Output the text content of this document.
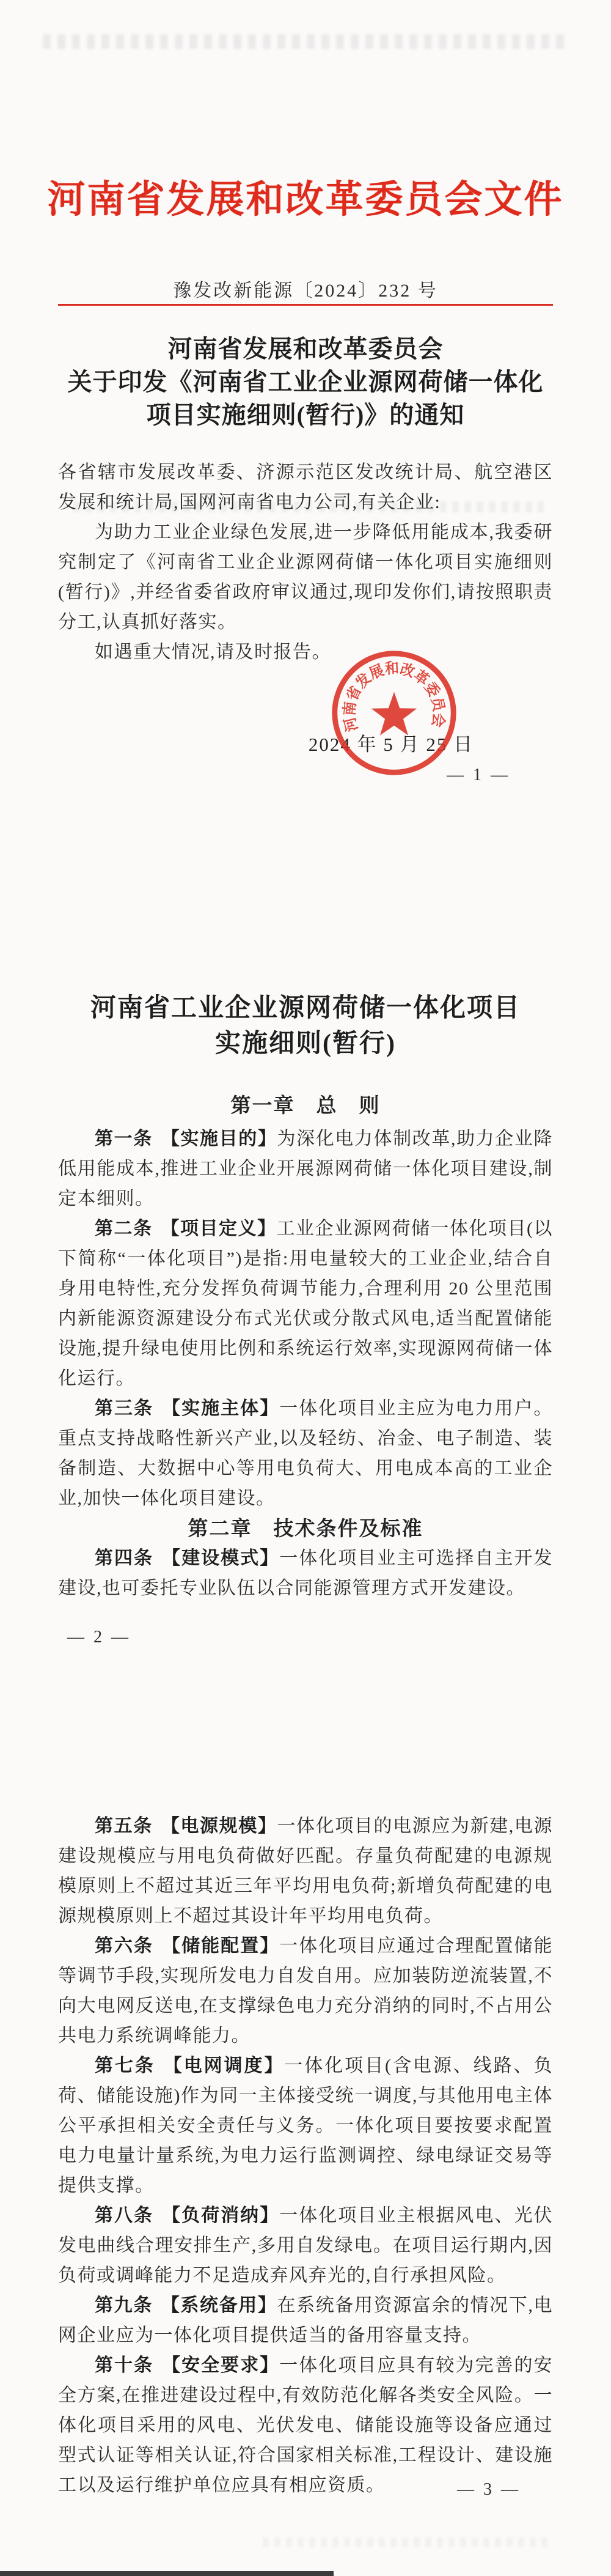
河南省发展和改革委员会文件
豫发改新能源〔2024〕232 号
河南省发展和改革委员会
关于印发《河南省工业企业源网荷储一体化
项目实施细则(暂行)》的通知

各省辖市发展改革委、济源示范区发改统计局、航空港区发展和统计局,国网河南省电力公司,有关企业:

为助力工业企业绿色发展,进一步降低用能成本,我委研究制定了《河南省工业企业源网荷储一体化项目实施细则(暂行)》,并经省委省政府审议通过,现印发你们,请按照职责分工,认真抓好落实。

如遇重大情况,请及时报告。

2024 年 5 月 25 日
河南省发展和改革委员会
— 1 —
河南省工业企业源网荷储一体化项目
实施细则(暂行)
第一章　总　则

第一条 【实施目的】为深化电力体制改革,助力企业降低用能成本,推进工业企业开展源网荷储一体化项目建设,制定本细则。

第二条 【项目定义】工业企业源网荷储一体化项目(以下简称“一体化项目”)是指:用电量较大的工业企业,结合自身用电特性,充分发挥负荷调节能力,合理利用 20 公里范围内新能源资源建设分布式光伏或分散式风电,适当配置储能设施,提升绿电使用比例和系统运行效率,实现源网荷储一体化运行。

第三条 【实施主体】一体化项目业主应为电力用户。重点支持战略性新兴产业,以及轻纺、冶金、电子制造、装备制造、大数据中心等用电负荷大、用电成本高的工业企业,加快一体化项目建设。

第二章　技术条件及标准

第四条 【建设模式】一体化项目业主可选择自主开发建设,也可委托专业队伍以合同能源管理方式开发建设。

— 2 —

第五条 【电源规模】一体化项目的电源应为新建,电源建设规模应与用电负荷做好匹配。存量负荷配建的电源规模原则上不超过其近三年平均用电负荷;新增负荷配建的电源规模原则上不超过其设计年平均用电负荷。

第六条 【储能配置】一体化项目应通过合理配置储能等调节手段,实现所发电力自发自用。应加装防逆流装置,不向大电网反送电,在支撑绿色电力充分消纳的同时,不占用公共电力系统调峰能力。

第七条 【电网调度】一体化项目(含电源、线路、负荷、储能设施)作为同一主体接受统一调度,与其他用电主体公平承担相关安全责任与义务。一体化项目要按要求配置电力电量计量系统,为电力运行监测调控、绿电绿证交易等提供支撑。

第八条 【负荷消纳】一体化项目业主根据风电、光伏发电曲线合理安排生产,多用自发绿电。在项目运行期内,因负荷或调峰能力不足造成弃风弃光的,自行承担风险。

第九条 【系统备用】在系统备用资源富余的情况下,电网企业应为一体化项目提供适当的备用容量支持。

第十条 【安全要求】一体化项目应具有较为完善的安全方案,在推进建设过程中,有效防范化解各类安全风险。一体化项目采用的风电、光伏发电、储能设施等设备应通过型式认证等相关认证,符合国家相关标准,工程设计、建设施工以及运行维护单位应具有相应资质。	— 3 —
